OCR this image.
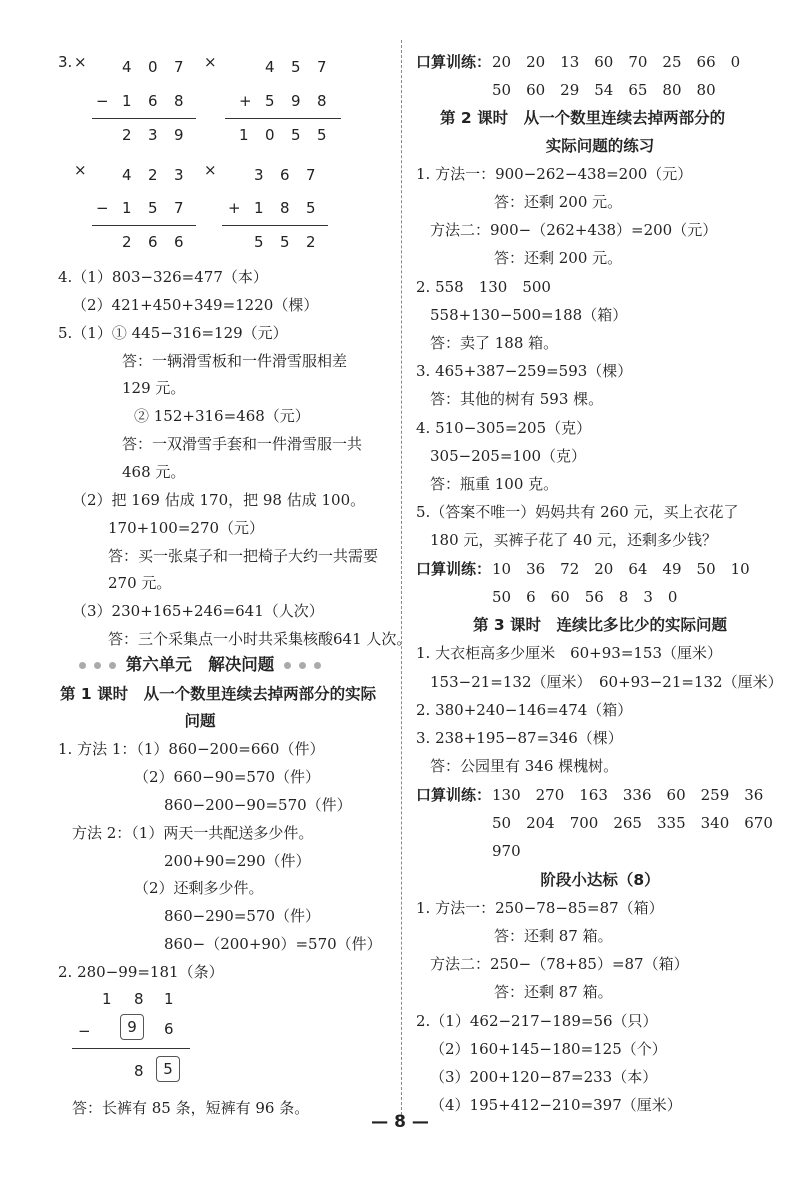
3. ×	×
×	×
4 0 7
− 1 6 8
2 3 9
4 5 7
+ 5 9 8
1 0 5 5
4 2 3
− 1 5 7
2 6 6
3 6 7
+ 1 8 5
5 5 2
4.（1）803−326=477（本）
（2）421+450+349=1220（棵）
5.（1）① 445−316=129（元）
答：一辆滑雪板和一件滑雪服相差
129 元。
② 152+316=468（元）
答：一双滑雪手套和一件滑雪服一共
468 元。
（2）把 169 估成 170，把 98 估成 100。
170+100=270（元）
答：买一张桌子和一把椅子大约一共需要
270 元。
（3）230+165+246=641（人次）
答：三个采集点一小时共采集核酸641 人次。
第六单元　解决问题
第 1 课时　从一个数里连续去掉两部分的实际
问题
1. 方法 1：（1）860−200=660（件）
（2）660−90=570（件）
860−200−90=570（件）
方法 2：（1）两天一共配送多少件。
200+90=290（件）
（2）还剩多少件。
860−290=570（件）
860−（200+90）=570（件）
2. 280−99=181（条）
1 8 1
−	9	6
8	5
答：长裤有 85 条，短裤有 96 条。
口算训练： 20　20　13　60　70　25　66　0
50　60　29　54　65　80　80
第 2 课时　从一个数里连续去掉两部分的
实际问题的练习
1. 方法一：900−262−438=200（元）
答：还剩 200 元。
方法二：900−（262+438）=200（元）
答：还剩 200 元。
2. 558　130　500
558+130−500=188（箱）
答：卖了 188 箱。
3. 465+387−259=593（棵）
答：其他的树有 593 棵。
4. 510−305=205（克）
305−205=100（克）
答：瓶重 100 克。
5.（答案不唯一）妈妈共有 260 元，买上衣花了
180 元，买裤子花了 40 元，还剩多少钱？
口算训练： 10　36　72　20　64　49　50　10
50　6　60　56　8　3　0
第 3 课时　连续比多比少的实际问题
1. 大衣柜高多少厘米　60+93=153（厘米）
153−21=132（厘米）　60+93−21=132（厘米）
2. 380+240−146=474（箱）
3. 238+195−87=346（棵）
答：公园里有 346 棵槐树。
口算训练： 130　270　163　336　60　259　36
50　204　700　265　335　340　670
970
阶段小达标（8）
1. 方法一：250−78−85=87（箱）
答：还剩 87 箱。
方法二：250−（78+85）=87（箱）
答：还剩 87 箱。
2.（1）462−217−189=56（只）
（2）160+145−180=125（个）
（3）200+120−87=233（本）
（4）195+412−210=397（厘米）
— 8 —
